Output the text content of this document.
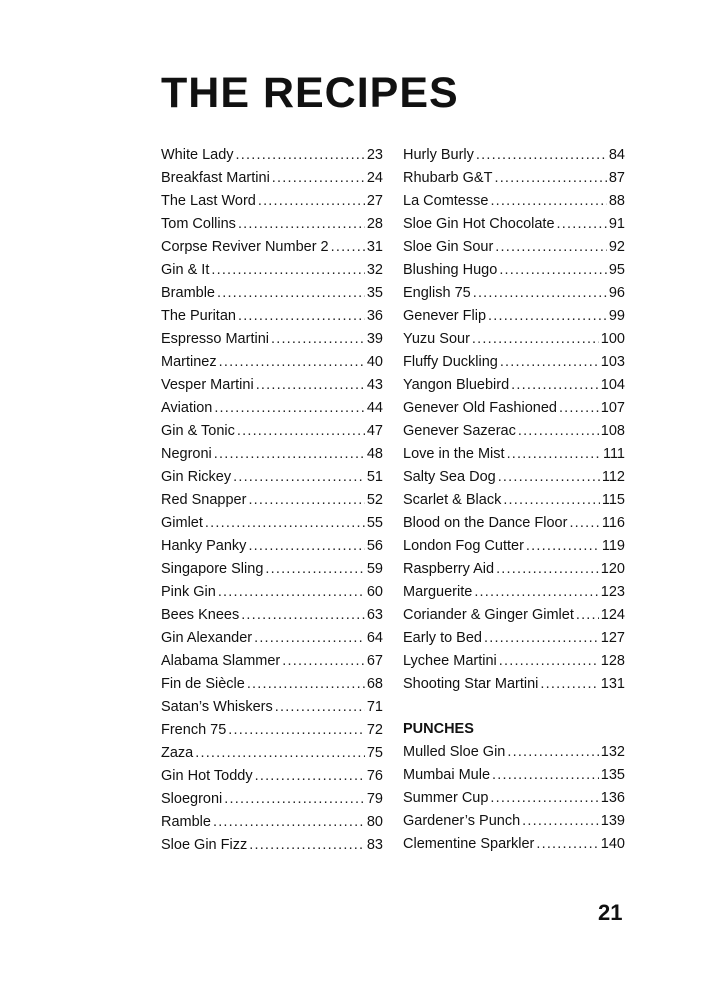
THE RECIPES
White Lady .....	23
Breakfast Martini .....	24
The Last Word .....	27
Tom Collins .....	28
Corpse Reviver Number 2 .....	31
Gin & It .....	32
Bramble .....	35
The Puritan .....	36
Espresso Martini .....	39
Martinez .....	40
Vesper Martini .....	43
Aviation .....	44
Gin & Tonic .....	47
Negroni .....	48
Gin Rickey .....	51
Red Snapper .....	52
Gimlet .....	55
Hanky Panky .....	56
Singapore Sling .....	59
Pink Gin .....	60
Bees Knees .....	63
Gin Alexander .....	64
Alabama Slammer .....	67
Fin de Siècle .....	68
Satan’s Whiskers .....	71
French 75 .....	72
Zaza .....	75
Gin Hot Toddy .....	76
Sloegroni .....	79
Ramble .....	80
Sloe Gin Fizz .....	83
Hurly Burly .....	84
Rhubarb G&T .....	87
La Comtesse .....	88
Sloe Gin Hot Chocolate .....	91
Sloe Gin Sour .....	92
Blushing Hugo .....	95
English 75 .....	96
Genever Flip .....	99
Yuzu Sour .....	100
Fluffy Duckling .....	103
Yangon Bluebird .....	104
Genever Old Fashioned .....	107
Genever Sazerac .....	108
Love in the Mist .....	111
Salty Sea Dog .....	112
Scarlet & Black .....	115
Blood on the Dance Floor ..... 116
London Fog Cutter .....	119
Raspberry Aid .....	120
Marguerite .....	123
Coriander & Ginger Gimlet ..... 124
Early to Bed .....	127
Lychee Martini .....	128
Shooting Star Martini .....	131
PUNCHES
Mulled Sloe Gin .....	132
Mumbai Mule .....	135
Summer Cup .....	136
Gardener’s Punch .....	139
Clementine Sparkler .....	140
21
